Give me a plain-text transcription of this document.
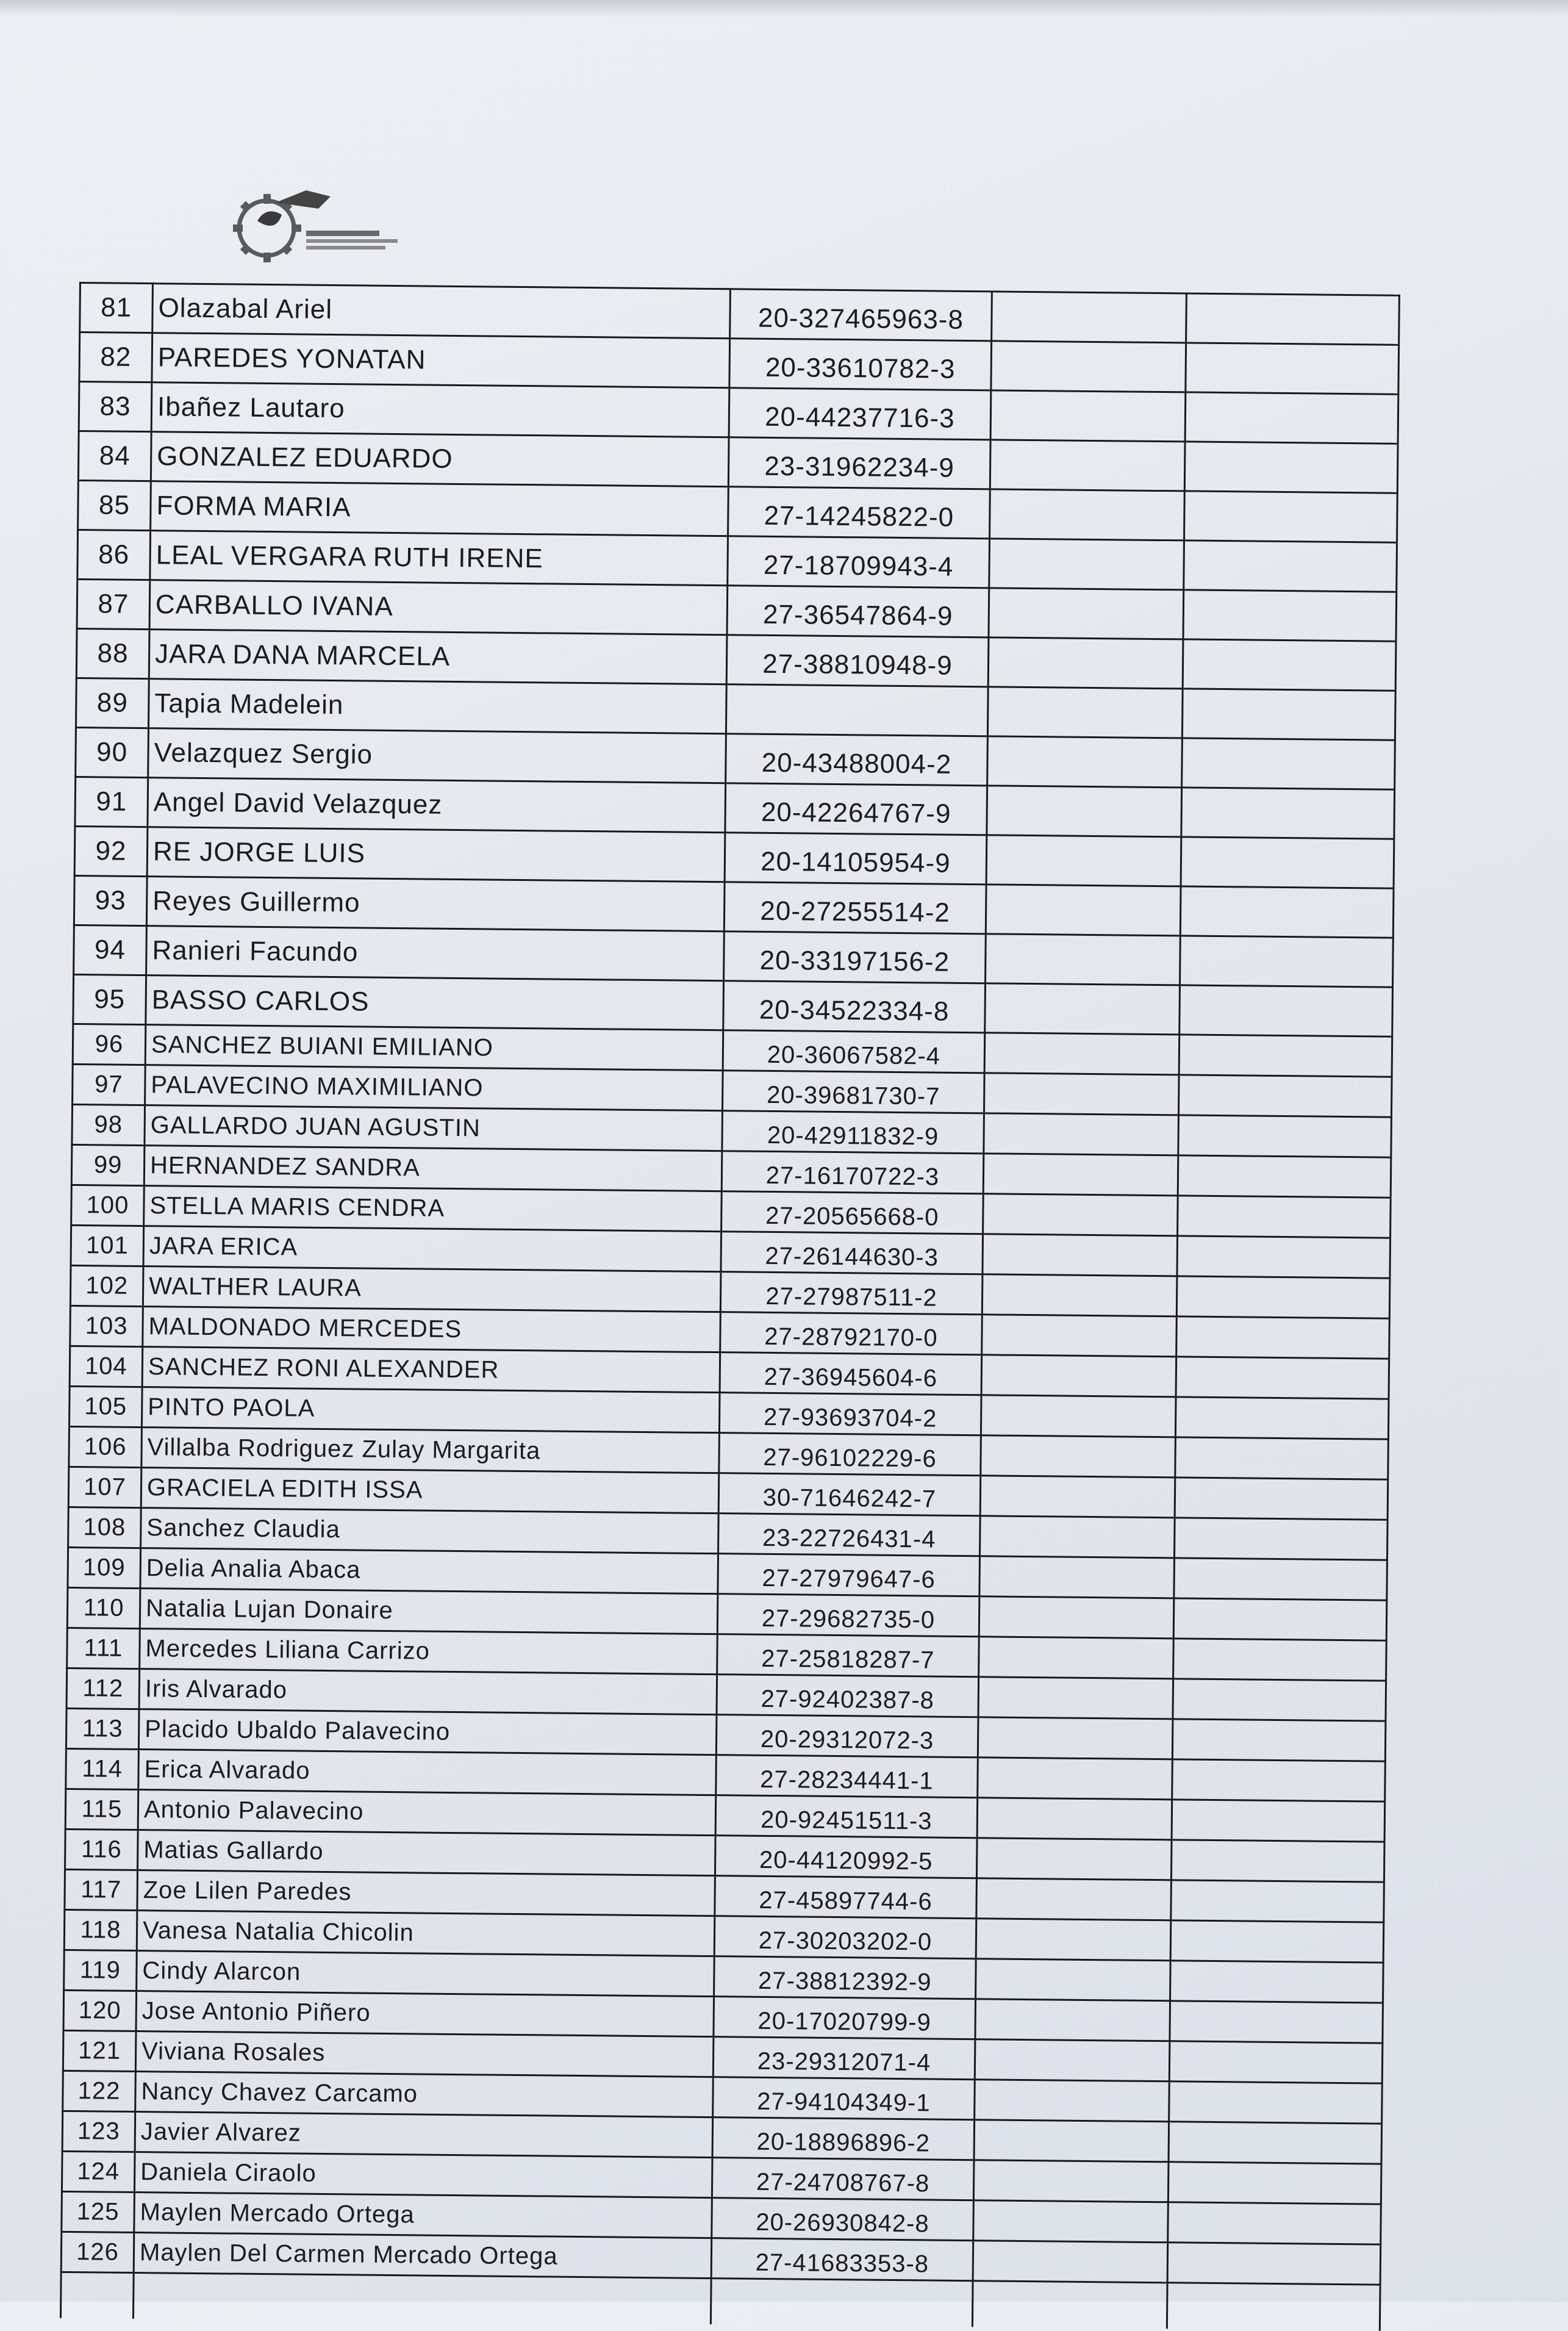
81	Olazabal Ariel	20-327465963-8		
82	PAREDES YONATAN	20-33610782-3		
83	Ibañez Lautaro	20-44237716-3		
84	GONZALEZ EDUARDO	23-31962234-9		
85	FORMA MARIA	27-14245822-0		
86	LEAL VERGARA RUTH IRENE	27-18709943-4		
87	CARBALLO IVANA	27-36547864-9		
88	JARA DANA MARCELA	27-38810948-9		
89	Tapia Madelein			
90	Velazquez Sergio	20-43488004-2		
91	Angel David Velazquez	20-42264767-9		
92	RE JORGE LUIS	20-14105954-9		
93	Reyes Guillermo	20-27255514-2		
94	Ranieri Facundo	20-33197156-2		
95	BASSO CARLOS	20-34522334-8		
96	SANCHEZ BUIANI EMILIANO	20-36067582-4		
97	PALAVECINO MAXIMILIANO	20-39681730-7		
98	GALLARDO JUAN AGUSTIN	20-42911832-9		
99	HERNANDEZ SANDRA	27-16170722-3		
100	STELLA MARIS CENDRA	27-20565668-0		
101	JARA ERICA	27-26144630-3		
102	WALTHER LAURA	27-27987511-2		
103	MALDONADO MERCEDES	27-28792170-0		
104	SANCHEZ RONI ALEXANDER	27-36945604-6		
105	PINTO PAOLA	27-93693704-2		
106	Villalba Rodriguez Zulay Margarita	27-96102229-6		
107	GRACIELA EDITH ISSA	30-71646242-7		
108	Sanchez Claudia	23-22726431-4		
109	Delia Analia Abaca	27-27979647-6		
110	Natalia Lujan Donaire	27-29682735-0		
111	Mercedes Liliana Carrizo	27-25818287-7		
112	Iris Alvarado	27-92402387-8		
113	Placido Ubaldo Palavecino	20-29312072-3		
114	Erica Alvarado	27-28234441-1		
115	Antonio Palavecino	20-92451511-3		
116	Matias Gallardo	20-44120992-5		
117	Zoe Lilen Paredes	27-45897744-6		
118	Vanesa Natalia Chicolin	27-30203202-0		
119	Cindy Alarcon	27-38812392-9		
120	Jose Antonio Piñero	20-17020799-9		
121	Viviana Rosales	23-29312071-4		
122	Nancy Chavez Carcamo	27-94104349-1		
123	Javier Alvarez	20-18896896-2		
124	Daniela Ciraolo	27-24708767-8		
125	Maylen Mercado Ortega	20-26930842-8		
126	Maylen Del Carmen Mercado Ortega	27-41683353-8		
